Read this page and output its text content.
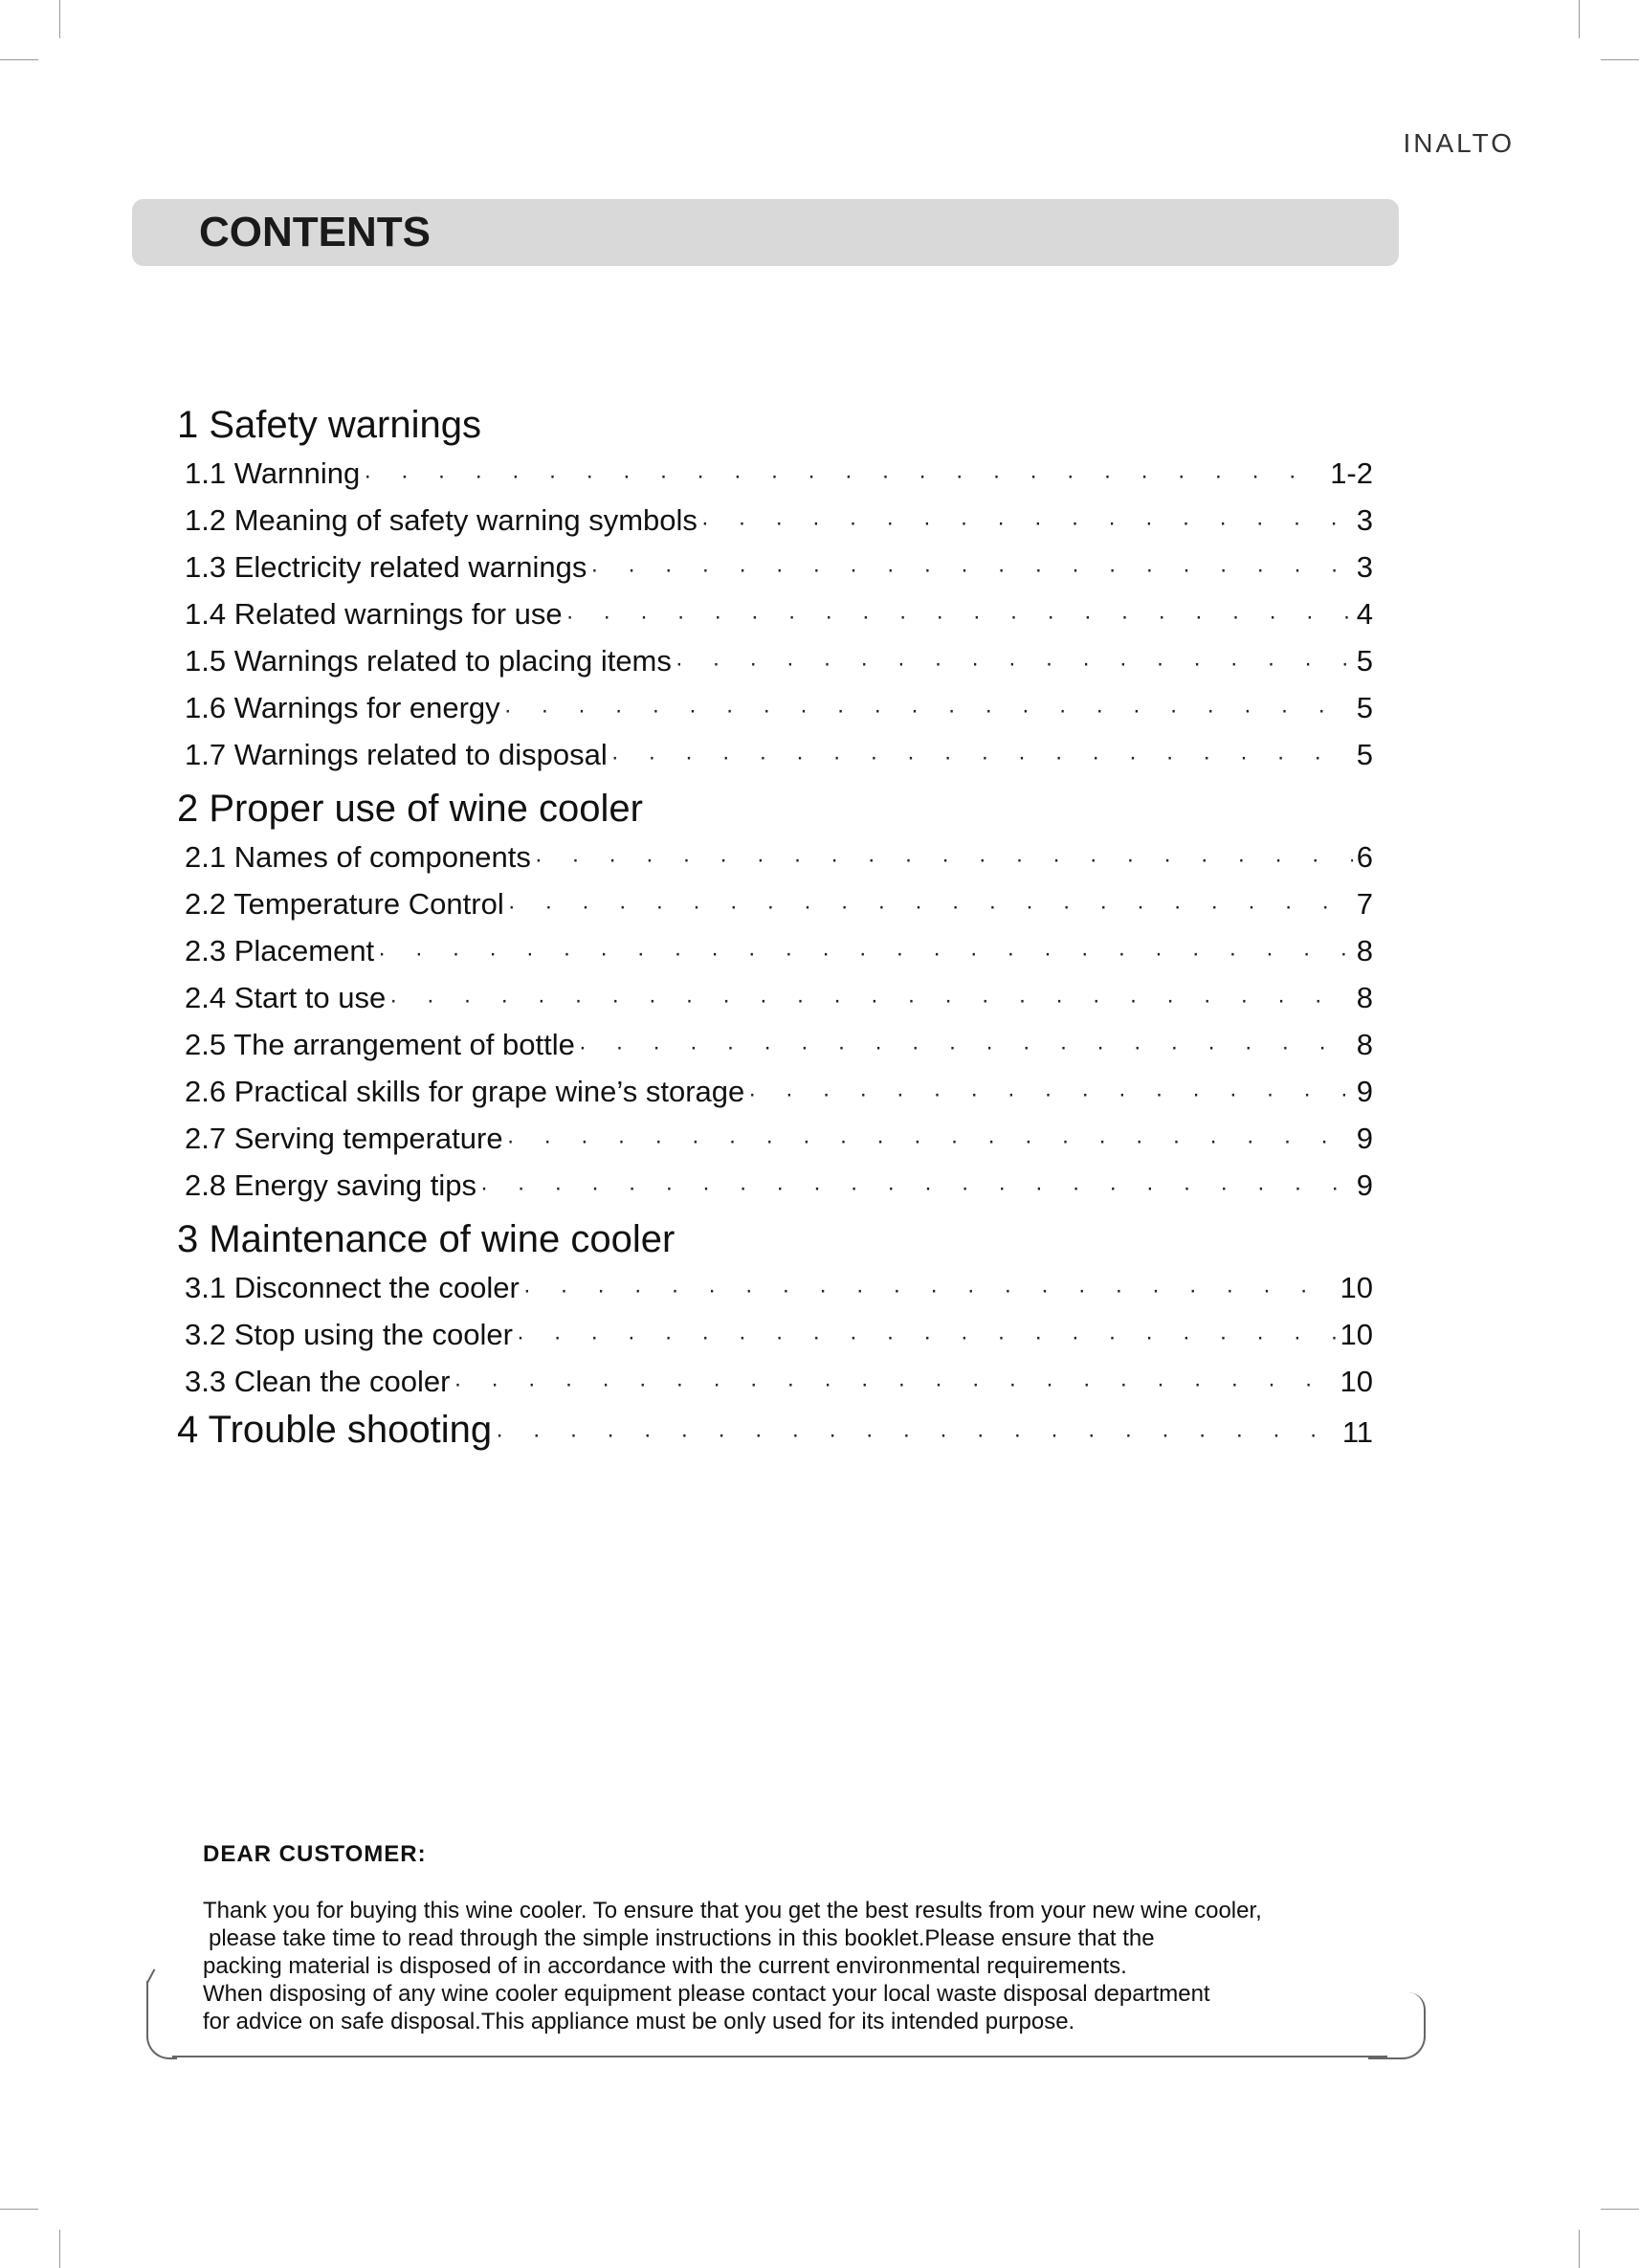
INALTO
CONTENTS
1 Safety warnings
1.1 Warnning · · ·	1-2
1.2 Meaning of safety warning symbols · · ·	3
1.3 Electricity related warnings · · ·	3
1.4 Related warnings for use · · ·	4
1.5 Warnings related to placing items · · ·	5
1.6 Warnings for energy · · ·	5
1.7 Warnings related to disposal · · ·	5
2 Proper use of wine cooler
2.1 Names of components · · ·	6
2.2 Temperature Control · · ·	7
2.3 Placement · · ·	8
2.4 Start to use · · ·	8
2.5 The arrangement of bottle · · ·	8
2.6 Practical skills for grape wine’s storage · · ·	9
2.7 Serving temperature · · ·	9
2.8 Energy saving tips · · ·	9
3 Maintenance of wine cooler
3.1 Disconnect the cooler · · ·	10
3.2 Stop using the cooler · · ·	10
3.3 Clean the cooler · · ·	10
4 Trouble shooting · · ·	11
DEAR CUSTOMER:
Thank you for buying this wine cooler. To ensure that you get the best results from your new wine cooler,
please take time to read through the simple instructions in this booklet.Please ensure that the
packing material is disposed of in accordance with the current environmental requirements.
When disposing of any wine cooler equipment please contact your local waste disposal department
for advice on safe disposal.This appliance must be only used for its intended purpose.
